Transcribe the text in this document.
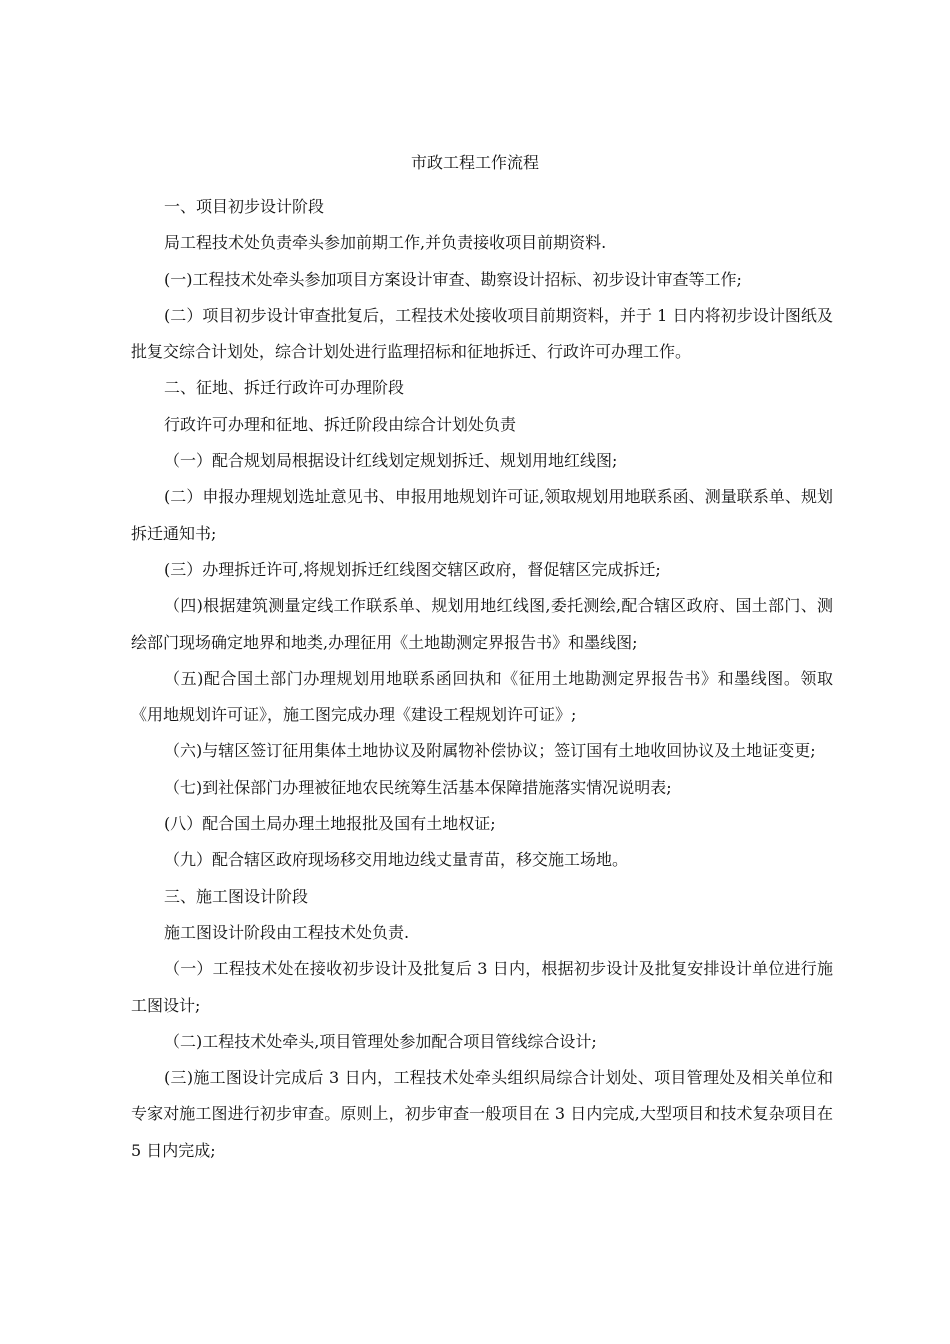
市政工程工作流程

一、项目初步设计阶段

局工程技术处负责牵头参加前期工作,并负责接收项目前期资料.

(一)工程技术处牵头参加项目方案设计审查、勘察设计招标、初步设计审查等工作;

(二）项目初步设计审查批复后，工程技术处接收项目前期资料，并于 1 日内将初步设计图纸及批复交综合计划处，综合计划处进行监理招标和征地拆迁、行政许可办理工作。

二、征地、拆迁行政许可办理阶段

行政许可办理和征地、拆迁阶段由综合计划处负责

（一）配合规划局根据设计红线划定规划拆迁、规划用地红线图;

(二）申报办理规划选址意见书、申报用地规划许可证,领取规划用地联系函、测量联系单、规划拆迁通知书;

(三）办理拆迁许可,将规划拆迁红线图交辖区政府，督促辖区完成拆迁;

（四)根据建筑测量定线工作联系单、规划用地红线图,委托测绘,配合辖区政府、国土部门、测绘部门现场确定地界和地类,办理征用《土地勘测定界报告书》和墨线图;

（五)配合国土部门办理规划用地联系函回执和《征用土地勘测定界报告书》和墨线图。领取《用地规划许可证》，施工图完成办理《建设工程规划许可证》;

（六)与辖区签订征用集体土地协议及附属物补偿协议；签订国有土地收回协议及土地证变更;

（七)到社保部门办理被征地农民统筹生活基本保障措施落实情况说明表;

(八）配合国土局办理土地报批及国有土地权证;

（九）配合辖区政府现场移交用地边线丈量青苗，移交施工场地。

三、施工图设计阶段

施工图设计阶段由工程技术处负责.

（一）工程技术处在接收初步设计及批复后 3 日内，根据初步设计及批复安排设计单位进行施工图设计;

（二)工程技术处牵头,项目管理处参加配合项目管线综合设计;

(三)施工图设计完成后 3 日内，工程技术处牵头组织局综合计划处、项目管理处及相关单位和专家对施工图进行初步审查。原则上，初步审查一般项目在 3 日内完成,大型项目和技术复杂项目在 5 日内完成;
